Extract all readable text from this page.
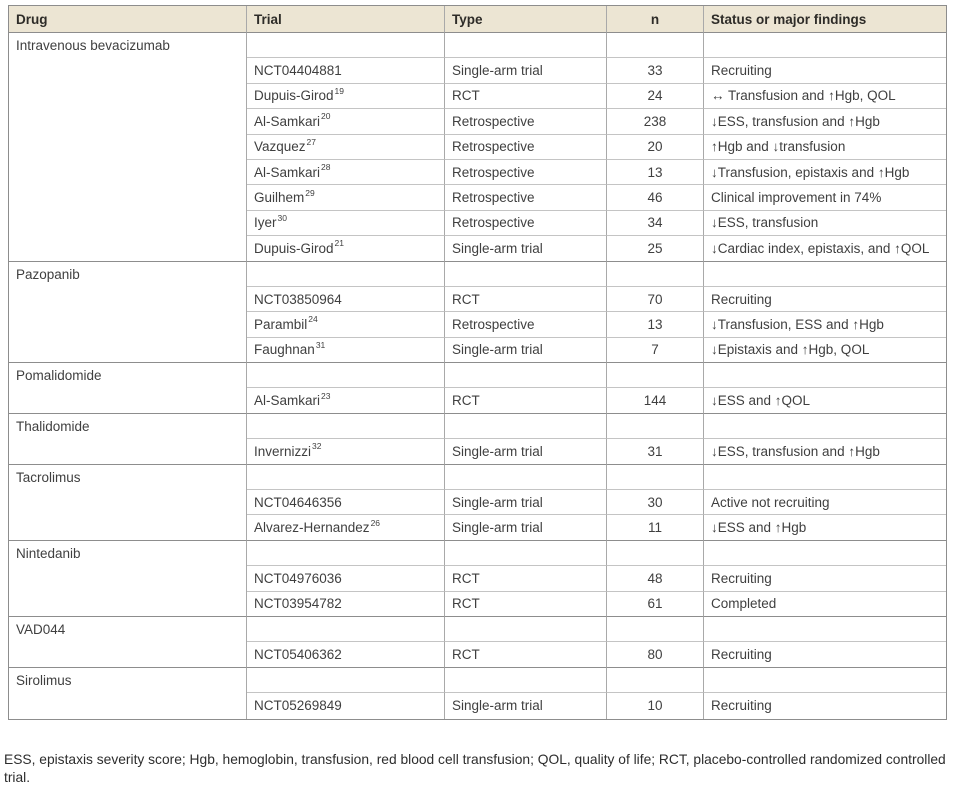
Drug	Trial	Type	n	Status or major findings
Intravenous bevacizumab				
	NCT04404881	Single-arm trial	33	Recruiting
	Dupuis-Girod$^{19}$	RCT	24	↔ Transfusion and ↑Hgb, QOL
	Al-Samkari$^{20}$	Retrospective	238	↓ESS, transfusion and ↑Hgb
	Vazquez$^{27}$	Retrospective	20	↑Hgb and ↓transfusion
	Al-Samkari$^{28}$	Retrospective	13	↓Transfusion, epistaxis and ↑Hgb
	Guilhem$^{29}$	Retrospective	46	Clinical improvement in 74%
	Iyer$^{30}$	Retrospective	34	↓ESS, transfusion
	Dupuis-Girod$^{21}$	Single-arm trial	25	↓Cardiac index, epistaxis, and ↑QOL
Pazopanib				
	NCT03850964	RCT	70	Recruiting
	Parambil$^{24}$	Retrospective	13	↓Transfusion, ESS and ↑Hgb
	Faughnan$^{31}$	Single-arm trial	7	↓Epistaxis and ↑Hgb, QOL
Pomalidomide				
	Al-Samkari$^{23}$	RCT	144	↓ESS and ↑QOL
Thalidomide				
	Invernizzi$^{32}$	Single-arm trial	31	↓ESS, transfusion and ↑Hgb
Tacrolimus				
	NCT04646356	Single-arm trial	30	Active not recruiting
	Alvarez-Hernandez$^{26}$	Single-arm trial	11	↓ESS and ↑Hgb
Nintedanib				
	NCT04976036	RCT	48	Recruiting
	NCT03954782	RCT	61	Completed
VAD044				
	NCT05406362	RCT	80	Recruiting
Sirolimus				
	NCT05269849	Single-arm trial	10	Recruiting
ESS, epistaxis severity score; Hgb, hemoglobin, transfusion, red blood cell transfusion; QOL, quality of life; RCT, placebo-controlled randomized controlled trial.
